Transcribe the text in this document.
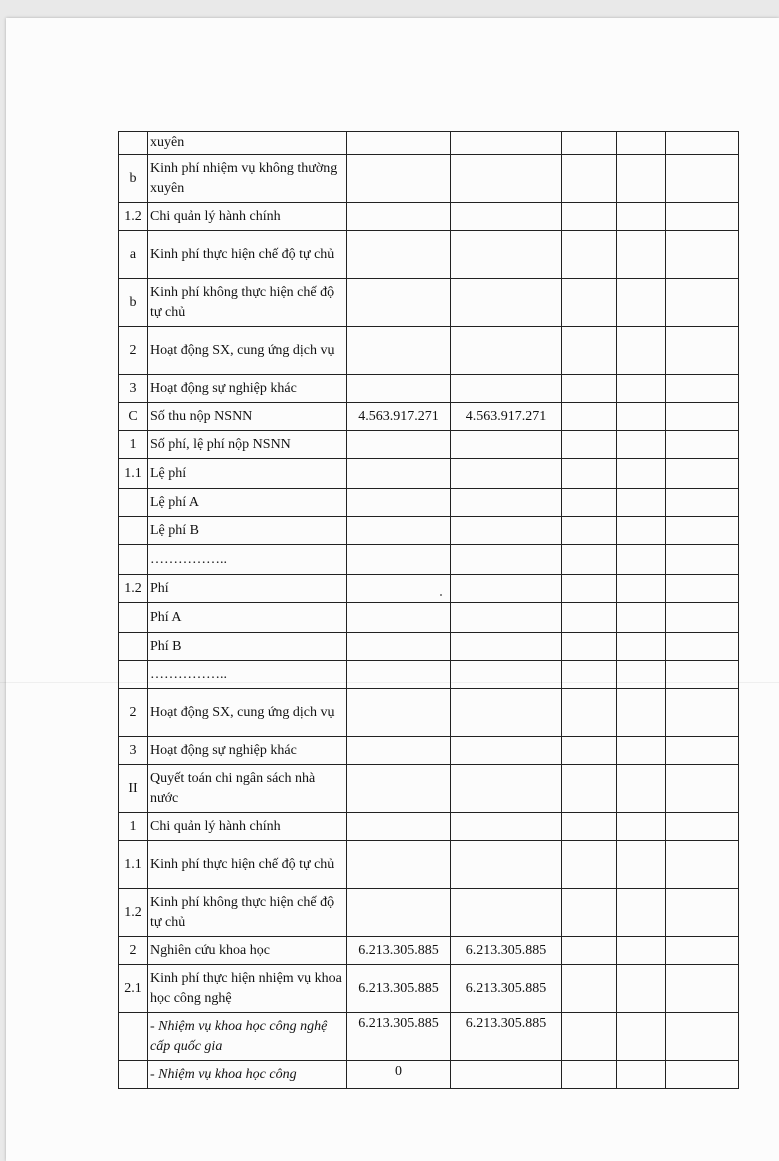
	xuyên					
b	Kinh phí nhiệm vụ không thường xuyên					
1.2	Chi quản lý hành chính					
a	Kinh phí thực hiện chế độ tự chủ					
b	Kinh phí không thực hiện chế độ tự chủ					
2	Hoạt động SX, cung ứng dịch vụ					
3	Hoạt động sự nghiệp khác					
C	Số thu nộp NSNN	4.563.917.271	4.563.917.271			
1	Số phí, lệ phí nộp NSNN					
1.1	Lệ phí					
	Lệ phí A					
	Lệ phí B					
	……………..					
1.2	Phí					
	Phí A					
	Phí B					
	……………..					
2	Hoạt động SX, cung ứng dịch vụ					
3	Hoạt động sự nghiệp khác					
II	Quyết toán chi ngân sách nhà nước					
1	Chi quản lý hành chính					
1.1	Kinh phí thực hiện chế độ tự chủ					
1.2	Kinh phí không thực hiện chế độ tự chủ					
2	Nghiên cứu khoa học	6.213.305.885	6.213.305.885			
2.1	Kinh phí thực hiện nhiệm vụ khoa học công nghệ	6.213.305.885	6.213.305.885			
	- Nhiệm vụ khoa học công nghệ cấp quốc gia	6.213.305.885	6.213.305.885			
	- Nhiệm vụ khoa học công	0				
